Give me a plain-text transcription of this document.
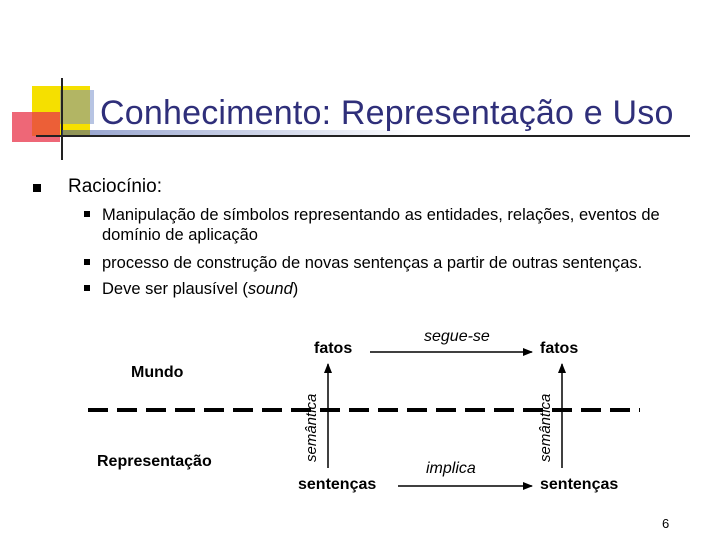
Conhecimento: Representação e Uso
Raciocínio:
Manipulação de símbolos representando as entidades, relações, eventos de domínio de aplicação
processo de construção de novas sentenças a partir de outras sentenças.
Deve ser plausível (sound)
Mundo
Representação
fatos	fatos
segue-se
sentenças	sentenças
implica
semântica	semântica
6
